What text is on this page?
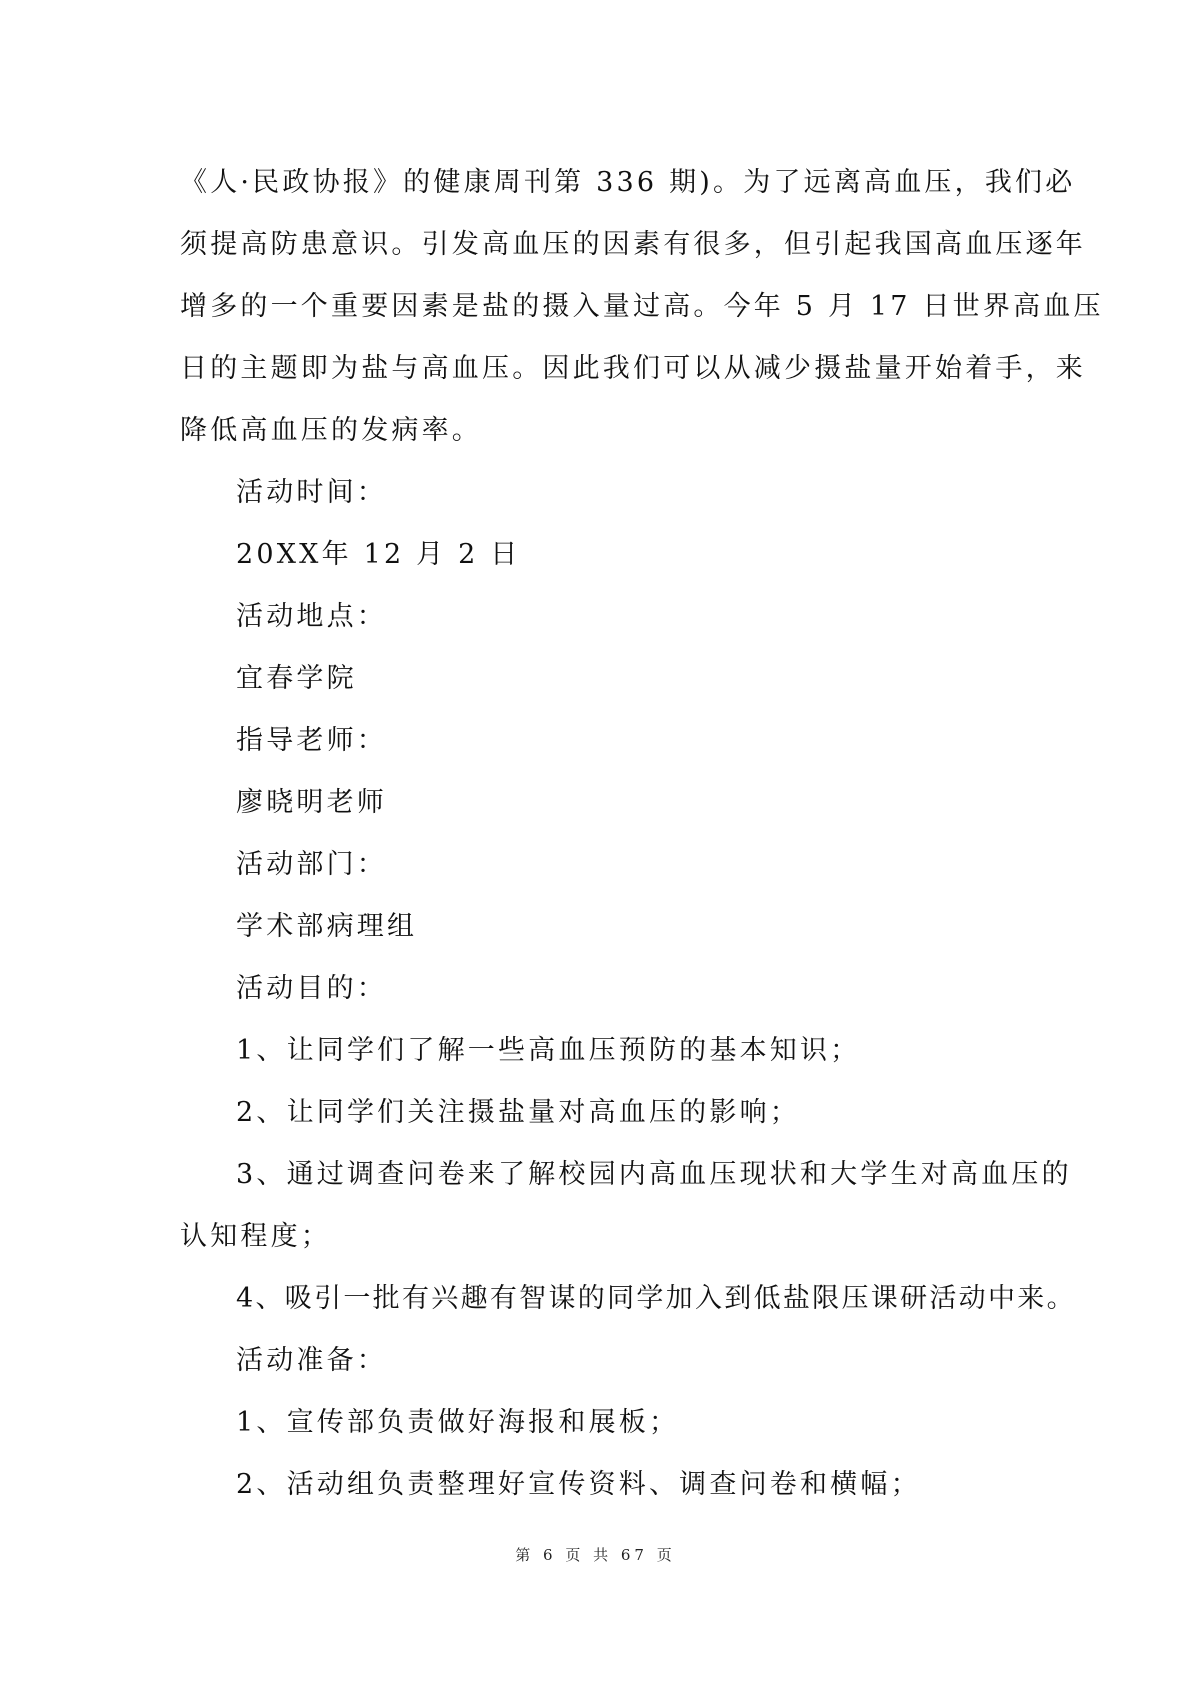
《人·民政协报》的健康周刊第 336 期)。为了远离高血压，我们必
须提高防患意识。引发高血压的因素有很多，但引起我国高血压逐年
增多的一个重要因素是盐的摄入量过高。今年 5 月 17 日世界高血压
日的主题即为盐与高血压。因此我们可以从减少摄盐量开始着手，来
降低高血压的发病率。
活动时间：
20XX年 12 月 2 日
活动地点：
宜春学院
指导老师：
廖晓明老师
活动部门：
学术部病理组
活动目的：
1、让同学们了解一些高血压预防的基本知识；
2、让同学们关注摄盐量对高血压的影响；
3、通过调查问卷来了解校园内高血压现状和大学生对高血压的
认知程度；
4、吸引一批有兴趣有智谋的同学加入到低盐限压课研活动中来。
活动准备：
1、宣传部负责做好海报和展板；
2、活动组负责整理好宣传资料、调查问卷和横幅；
第 6 页 共 67 页
